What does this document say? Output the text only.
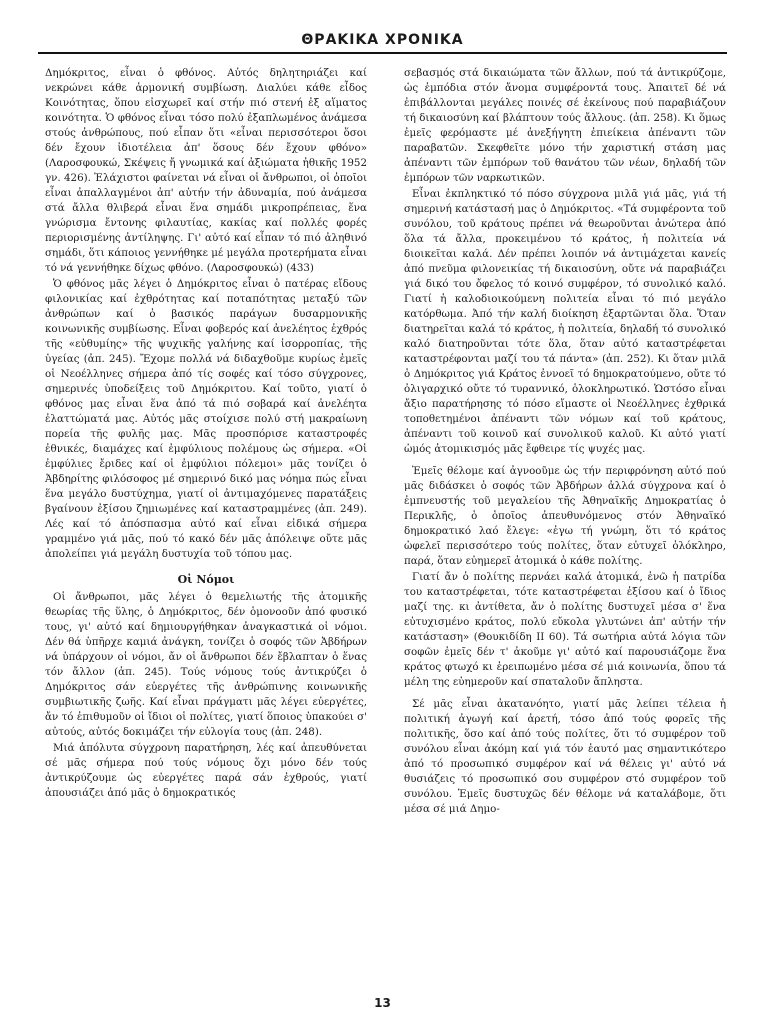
ΘΡΑΚΙΚΑ ΧΡΟΝΙΚΑ

Δημόκριτος, εἶναι ὁ φθόνος. Αὐτός δηλητηριάζει καί νεκρώνει κάθε ἁρμονική συμβίωση. Διαλύει κάθε εἶδος Κοινότητας, ὅπου εἰσχωρεῖ καί στήν πιό στενή ἐξ αἵματος κοινότητα. Ὁ φθόνος εἶναι τόσο πολύ ἐξαπλωμένος ἀνάμεσα στούς ἀνθρώπους, πού εἶπαν ὅτι «εἶναι περισσότεροι ὅσοι δέν ἔχουν ἰδιοτέλεια ἀπ' ὅσους δέν ἔχουν φθόνο» (Λαροσφουκώ, Σκέψεις ἤ γνωμικά καί ἀξιώματα ἠθικῆς 1952 γν. 426). Ἐλάχιστοι φαίνεται νά εἶναι οἱ ἄνθρωποι, οἱ ὁποῖοι εἶναι ἀπαλλαγμένοι ἀπ' αὐτήν τήν ἀδυναμία, πού ἀνάμεσα στά ἄλλα θλιβερά εἶναι ἕνα σημάδι μικροπρέπειας, ἕνα γνώρισμα ἔντονης φιλαυτίας, κακίας καί πολλές φορές περιορισμένης ἀντίληψης. Γι' αὐτό καί εἶπαν τό πιό ἀληθινό σημάδι, ὅτι κάποιος γεννήθηκε μέ μεγάλα προτερήματα εἶναι τό νά γεννήθηκε δίχως φθόνο. (Λαροσφουκώ) (433)

Ὁ φθόνος μᾶς λέγει ὁ Δημόκριτος εἶναι ὁ πατέρας εἴδους φιλονικίας καί ἐχθρότητας καί ποταπότητας μεταξύ τῶν ἀνθρώπων καί ὁ βασικός παράγων δυσαρμονικῆς κοινωνικῆς συμβίωσης. Εἶναι φοβερός καί ἀνελέητος ἐχθρός τῆς «εὐθυμίης» τῆς ψυχικῆς γαλήνης καί ἰσορροπίας, τῆς ὑγείας (ἀπ. 245). Ἔχομε πολλά νά διδαχθοῦμε κυρίως ἐμεῖς οἱ Νεοέλληνες σήμερα ἀπό τίς σοφές καί τόσο σύγχρονες, σημερινές ὑποδείξεις τοῦ Δημόκριτου. Καί τοῦτο, γιατί ὁ φθόνος μας εἶναι ἕνα ἀπό τά πιό σοβαρά καί ἀνελέητα ἐλαττώματά μας. Αὐτός μᾶς στοίχισε πολύ στή μακραίωνη πορεία τῆς φυλῆς μας. Μᾶς προσπόρισε καταστροφές ἐθνικές, διαμάχες καί ἐμφύλιους πολέμους ὡς σήμερα. «Οἱ ἐμφύλιες ἔριδες καί οἱ ἐμφύλιοι πόλεμοι» μᾶς τονίζει ὁ Ἀβδηρίτης φιλόσοφος μέ σημερινό δικό μας νόημα πώς εἶναι ἕνα μεγάλο δυστύχημα, γιατί οἱ ἀντιμαχόμενες παρατάξεις βγαίνουν ἐξίσου ζημιωμένες καί καταστραμμένες (ἀπ. 249). Λές καί τό ἀπόσπασμα αὐτό καί εἶναι εἰδικά σήμερα γραμμένο γιά μᾶς, πού τό κακό δέν μᾶς ἀπόλειψε οὔτε μᾶς ἀπολείπει γιά μεγάλη δυστυχία τοῦ τόπου μας.

Οἱ Νόμοι

Οἱ ἄνθρωποι, μᾶς λέγει ὁ θεμελιωτής τῆς ἀτομικῆς θεωρίας τῆς ὕλης, ὁ Δημόκριτος, δέν ὁμονοοῦν ἀπό φυσικό τους, γι' αὐτό καί δημιουργήθηκαν ἀναγκαστικά οἱ νόμοι. Δέν θά ὑπῆρχε καμιά ἀνάγκη, τονίζει ὁ σοφός τῶν Ἀβδήρων νά ὑπάρχουν οἱ νόμοι, ἄν οἱ ἄνθρωποι δέν ἔβλαπταν ὁ ἕνας τόν ἄλλον (ἀπ. 245). Τούς νόμους τούς ἀντικρύζει ὁ Δημόκριτος σάν εὐεργέτες τῆς ἀνθρώπινης κοινωνικῆς συμβιωτικῆς ζωῆς. Καί εἶναι πράγματι μᾶς λέγει εὐεργέτες, ἄν τό ἐπιθυμοῦν οἱ ἴδιοι οἱ πολίτες, γιατί ὅποιος ὑπακούει σ' αὐτούς, αὐτός δοκιμάζει τήν εὐλογία τους (ἀπ. 248).

Μιά ἀπόλυτα σύγχρονη παρατήρηση, λές καί ἀπευθύνεται σέ μᾶς σήμερα πού τούς νόμους ὅχι μόνο δέν τούς ἀντικρύζουμε ὡς εὐεργέτες παρά σάν ἐχθρούς, γιατί ἀπουσιάζει ἀπό μᾶς ὁ δημοκρατικός

σεβασμός στά δικαιώματα τῶν ἄλλων, πού τά ἀντικρύζομε, ὡς ἐμπόδια στόν ἄνομα συμφέροντά τους. Ἀπαιτεῖ δέ νά ἐπιβάλλονται μεγάλες ποινές σέ ἐκείνους πού παραβιάζουν τή δικαιοσύνη καί βλάπτουν τούς ἄλλους. (ἀπ. 258). Κι ὅμως ἐμεῖς φερόμαστε μέ ἀνεξήγητη ἐπιείκεια ἀπέναντι τῶν παραβατῶν. Σκεφθεῖτε μόνο τήν χαριστική στάση μας ἀπέναντι τῶν ἐμπόρων τοῦ θανάτου τῶν νέων, δηλαδή τῶν ἐμπόρων τῶν ναρκωτικῶν.

Εἶναι ἐκπληκτικό τό πόσο σύγχρονα μιλᾶ γιά μᾶς, γιά τή σημερινή κατάστασή μας ὁ Δημόκριτος. «Τά συμφέροντα τοῦ συνόλου, τοῦ κράτους πρέπει νά θεωροῦνται ἀνώτερα ἀπό ὅλα τά ἄλλα, προκειμένου τό κράτος, ἡ πολιτεία νά διοικεῖται καλά. Δέν πρέπει λοιπόν νά ἀντιμάχεται κανείς ἀπό πνεῦμα φιλονεικίας τή δικαιοσύνη, οὔτε νά παραβιάζει γιά δικό του ὄφελος τό κοινό συμφέρον, τό συνολικό καλό. Γιατί ἡ καλοδιοικούμενη πολιτεία εἶναι τό πιό μεγάλο κατόρθωμα. Ἀπό τήν καλή διοίκηση ἐξαρτῶνται ὅλα. Ὅταν διατηρεῖται καλά τό κράτος, ἡ πολιτεία, δηλαδή τό συνολικό καλό διατηροῦνται τότε ὅλα, ὅταν αὐτό καταστρέφεται καταστρέφονται μαζί του τά πάντα» (ἀπ. 252). Κι ὅταν μιλᾶ ὁ Δημόκριτος γιά Κράτος ἐννοεῖ τό δημοκρατούμενο, οὔτε τό ὀλιγαρχικό οὔτε τό τυραννικό, ὁλοκληρωτικό. Ὡστόσο εἶναι ἄξιο παρατήρησης τό πόσο εἴμαστε οἱ Νεοέλληνες ἐχθρικά τοποθετημένοι ἀπέναντι τῶν νόμων καί τοῦ κράτους, ἀπέναντι τοῦ κοινοῦ καί συνολικοῦ καλοῦ. Κι αὐτό γιατί ὠμός ἀτομικισμός μᾶς ἔφθειρε τίς ψυχές μας.

Ἐμεῖς θέλομε καί ἀγνοοῦμε ὡς τήν περιφρόνηση αὐτό πού μᾶς διδάσκει ὁ σοφός τῶν Ἀβδήρων ἀλλά σύγχρονα καί ὁ ἐμπνευστής τοῦ μεγαλείου τῆς Ἀθηναϊκῆς Δημοκρατίας ὁ Περικλῆς, ὁ ὁποῖος ἀπευθυνόμενος στόν Ἀθηναϊκό δημοκρατικό λαό ἔλεγε: «ἐγω τή γνώμη, ὅτι τό κράτος ὠφελεῖ περισσότερο τούς πολίτες, ὅταν εὐτυχεῖ ὁλόκληρο, παρά, ὅταν εὐημερεῖ ἀτομικά ὁ κάθε πολίτης.

Γιατί ἄν ὁ πολίτης περνάει καλά ἀτομικά, ἐνῶ ἡ πατρίδα του καταστρέφεται, τότε καταστρέφεται ἐξίσου καί ὁ ἴδιος μαζί της. κι ἀντίθετα, ἄν ὁ πολίτης δυστυχεῖ μέσα σ' ἕνα εὐτυχισμένο κράτος, πολύ εὔκολα γλυτώνει ἀπ' αὐτήν τήν κατάσταση» (Θουκιδίδη ΙΙ 60). Τά σωτήρια αὐτά λόγια τῶν σοφῶν ἐμεῖς δέν τ' ἀκοῦμε γι' αὐτό καί παρουσιάζομε ἕνα κράτος φτωχό κι ἐρειπωμένο μέσα σέ μιά κοινωνία, ὅπου τά μέλη της εὐημεροῦν καί σπαταλοῦν ἄπληστα.

Σέ μᾶς εἶναι ἀκατανόητο, γιατί μᾶς λείπει τέλεια ἡ πολιτική ἀγωγή καί ἀρετή, τόσο ἀπό τούς φορεῖς τῆς πολιτικῆς, ὅσο καί ἀπό τούς πολίτες, ὅτι τό συμφέρον τοῦ συνόλου εἶναι ἀκόμη καί γιά τόν ἑαυτό μας σημαντικότερο ἀπό τό προσωπικό συμφέρον καί νά θέλεις γι' αὐτό νά θυσιάζεις τό προσωπικό σου συμφέρον στό συμφέρον τοῦ συνόλου. Ἐμεῖς δυστυχῶς δέν θέλομε νά καταλάβομε, ὅτι μέσα σέ μιά Δημο-

13
